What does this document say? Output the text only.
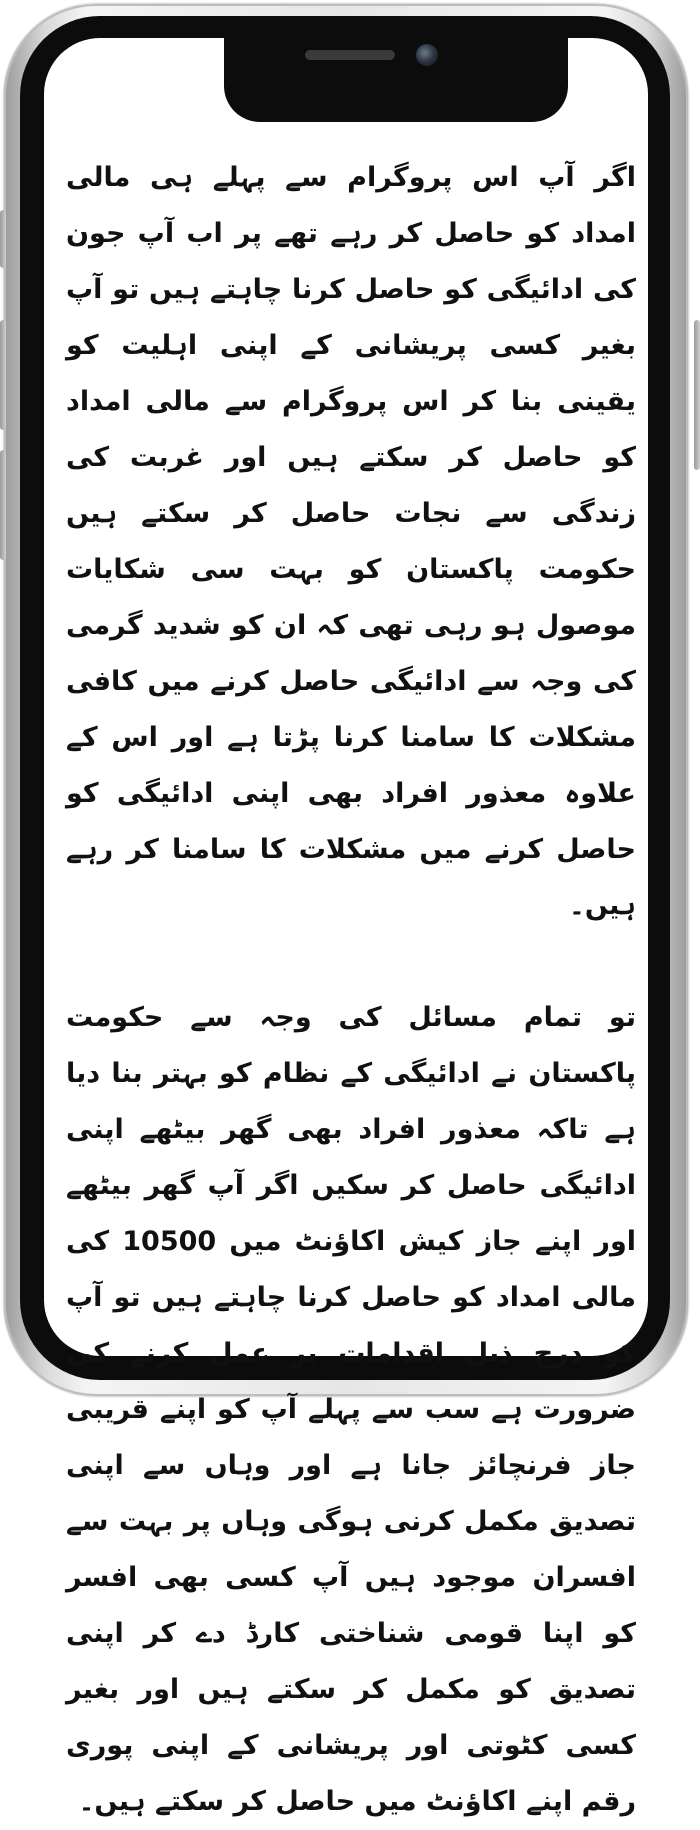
اگر آپ اس پروگرام سے پہلے ہی مالی امداد کو حاصل کر رہے تھے پر اب آپ جون کی ادائیگی کو حاصل کرنا چاہتے ہیں تو آپ بغیر کسی پریشانی کے اپنی اہلیت کو یقینی بنا کر اس پروگرام سے مالی امداد کو حاصل کر سکتے ہیں اور غربت کی زندگی سے نجات حاصل کر سکتے ہیں حکومت پاکستان کو بہت سی شکایات موصول ہو رہی تھی کہ ان کو شدید گرمی کی وجہ سے ادائیگی حاصل کرنے میں کافی مشکلات کا سامنا کرنا پڑتا ہے اور اس کے علاوہ معذور افراد بھی اپنی ادائیگی کو حاصل کرنے میں مشکلات کا سامنا کر رہے ہیں۔

تو تمام مسائل کی وجہ سے حکومت پاکستان نے ادائیگی کے نظام کو بہتر بنا دیا ہے تاکہ معذور افراد بھی گھر بیٹھے اپنی ادائیگی حاصل کر سکیں اگر آپ گھر بیٹھے اور اپنے جاز کیش اکاؤنٹ میں 10500 کی مالی امداد کو حاصل کرنا چاہتے ہیں تو آپ کو درج ذیل اقدامات پر عمل کرنے کی ضرورت ہے سب سے پہلے آپ کو اپنے قریبی جاز فرنچائز جانا ہے اور وہاں سے اپنی تصدیق مکمل کرنی ہوگی وہاں پر بہت سے افسران موجود ہیں آپ کسی بھی افسر کو اپنا قومی شناختی کارڈ دے کر اپنی تصدیق کو مکمل کر سکتے ہیں اور بغیر کسی کٹوتی اور پریشانی کے اپنی پوری رقم اپنے اکاؤنٹ میں حاصل کر سکتے ہیں۔
